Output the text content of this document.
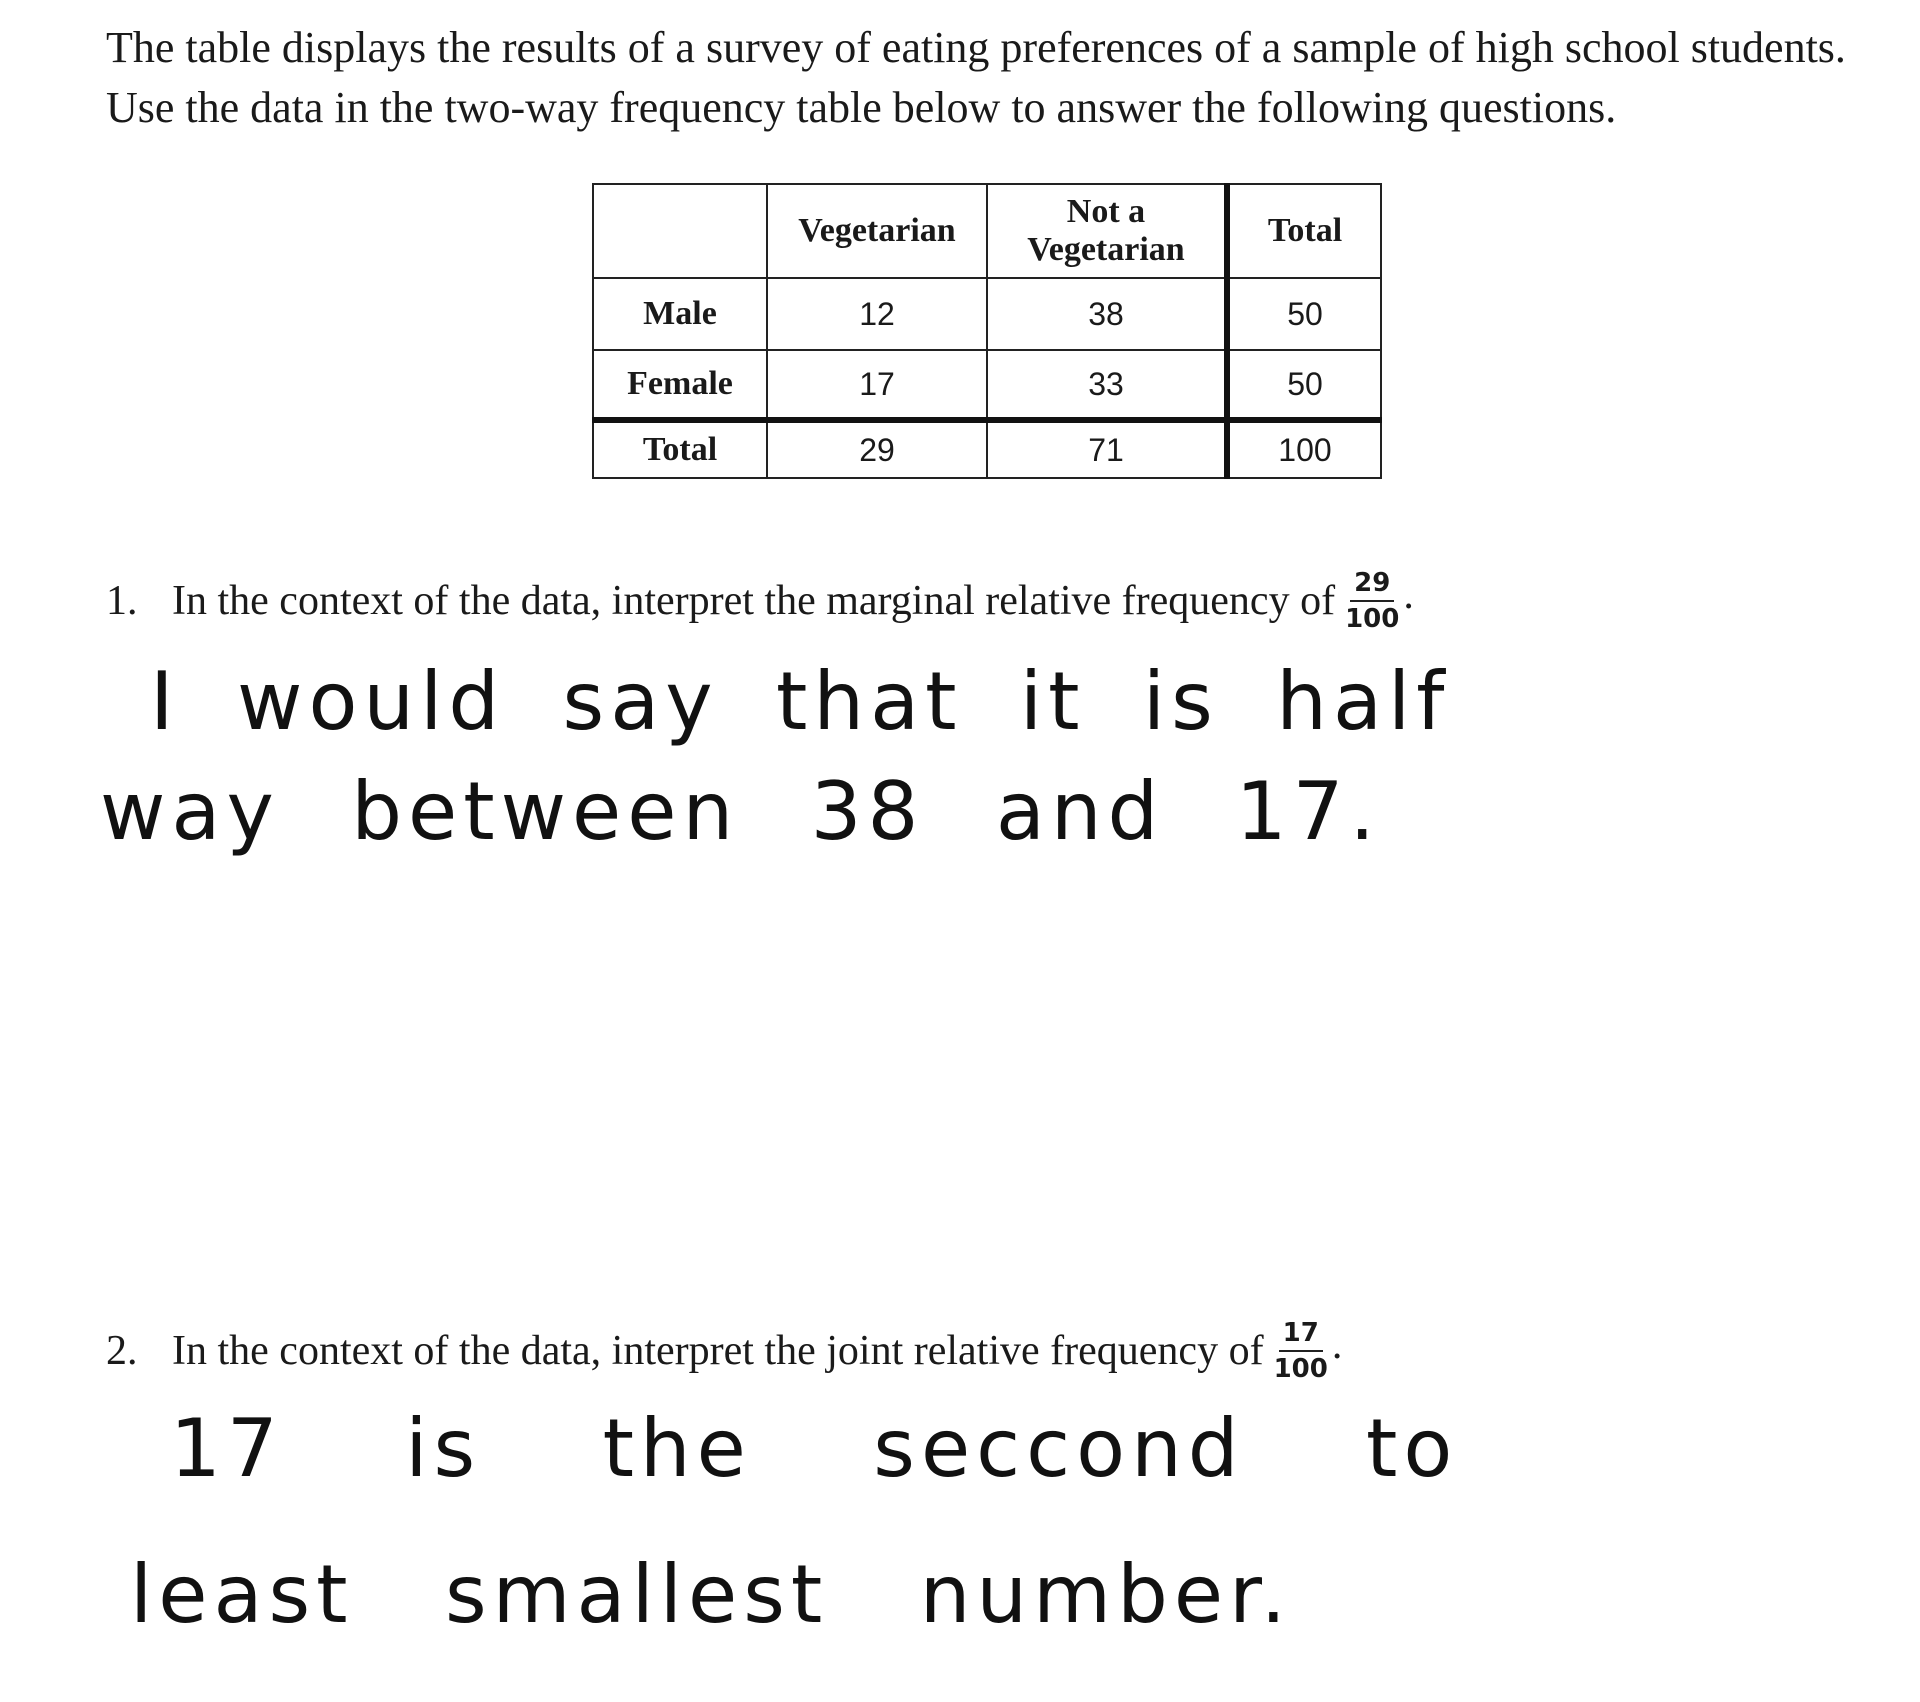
The table displays the results of a survey of eating preferences of a sample of high school students. Use the data in the two-way frequency table below to answer the following questions.

	Vegetarian	Not a Vegetarian	Total
Male	12	38	50
Female	17	33	50
Total	29	71	100
1. In the context of the data, interpret the marginal relative frequency of $\frac{29}{100}$ .

I would say that it is half

way between 38 and 17.

2. In the context of the data, interpret the joint relative frequency of $\frac{17}{100}$ .

17 is the seccond to

least smallest number.
